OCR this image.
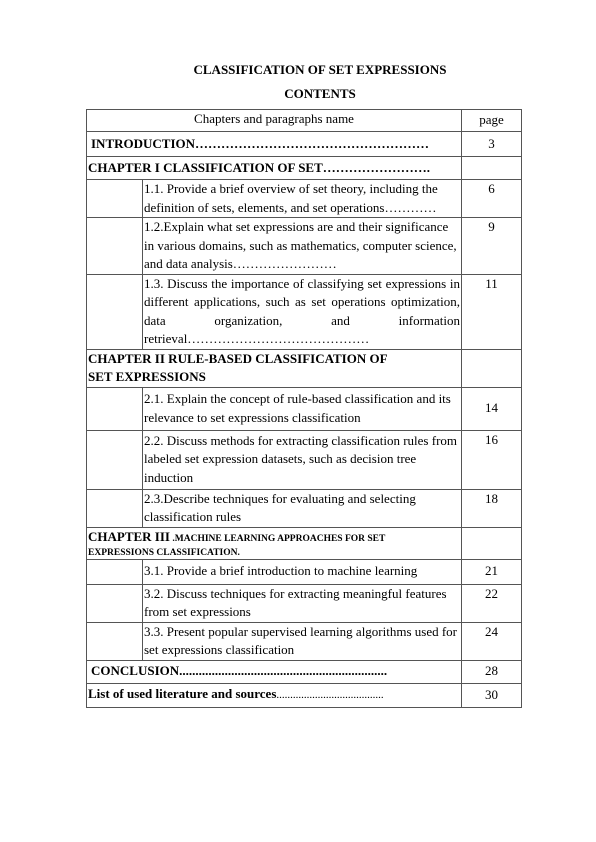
CLASSIFICATION OF SET EXPRESSIONS
CONTENTS
Chapters and paragraphs name		page
INTRODUCTION………………………………………………		3
CHAPTER I CLASSIFICATION OF SET…………………….		
	1.1. Provide a brief overview of set theory, including the definition of sets, elements, and set operations…………	6
	1.2.Explain what set expressions are and their significance in various domains, such as mathematics, computer science, and data analysis……………………	9
	1.3. Discuss the importance of classifying set expressions in different applications, such as set operations optimization, data organization, and information retrieval……………………………………	11
CHAPTER II RULE-BASED CLASSIFICATION OF SET EXPRESSIONS		
	2.1. Explain the concept of rule-based classification and its relevance to set expressions classification	14
	2.2. Discuss methods for extracting classification rules from labeled set expression datasets, such as decision tree induction	16
	2.3.Describe techniques for evaluating and selecting classification rules	18
CHAPTER III .MACHINE LEARNING APPROACHES FOR SET EXPRESSIONS CLASSIFICATION.		
	3.1. Provide a brief introduction to machine learning	21
	3.2. Discuss techniques for extracting meaningful features from set expressions	22
	3.3. Present popular supervised learning algorithms used for set expressions classification	24
CONCLUSION................................................................		28
List of used literature and sources.......................................		30
